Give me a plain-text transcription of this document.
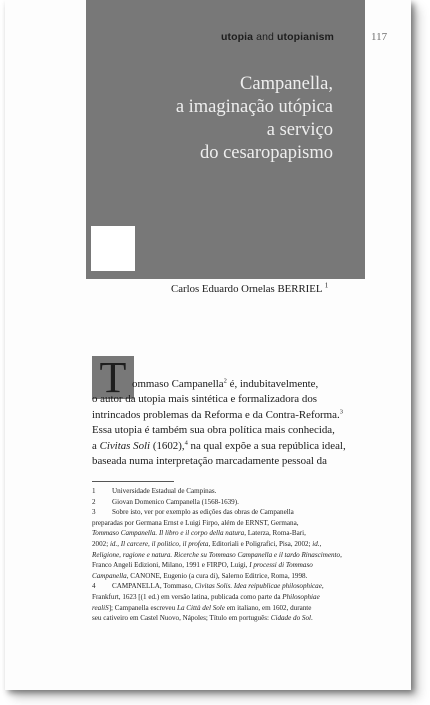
utopia and utopianism	117
Campanella,
a imaginação utópica
a serviço
do cesaropapismo
Carlos Eduardo Ornelas BERRIEL $^1$
T ommaso Campanella$^2$ é, indubitavelmente,
o autor da utopia mais sintética e formalizadora dos
intrincados problemas da Reforma e da Contra-Reforma.$^3$
Essa utopia é também sua obra política mais conhecida,
a Civitas Soli (1602),$^4$ na qual expõe a sua república ideal,
baseada numa interpretação marcadamente pessoal da
1	Universidade Estadual de Campinas.
2	Giovan Domenico Campanella (1568-1639).
3	Sobre isto, ver por exemplo as edições das obras de Campanella
preparadas por Germana Ernst e Luigi Firpo, além de ERNST, Germana,
Tommaso Campanella. Il libro e il corpo della natura, Laterza, Roma-Bari,
2002; id., Il carcere, il politico, il profeta, Editoriali e Poligrafici, Pisa, 2002; id.,
Religione, ragione e natura. Ricerche su Tommaso Campanella e il tardo Rinascimento,
Franco Angeli Edizioni, Milano, 1991 e FIRPO, Luigi, I processi di Tommaso
Campanella, CANONE, Eugenio (a cura di), Salerno Editrice, Roma, 1998.
4 CAMPANELLA, Tommaso, Civitas Solis. Idea reipublicae philosophicae,
Frankfurt, 1623 [(1 ed.) em versão latina, publicada como parte da Philosophiae
realiS]; Campanella escreveu La Città del Sole em italiano, em 1602, durante
seu cativeiro em Castel Nuovo, Nápoles; Título em português: Cidade do Sol.
